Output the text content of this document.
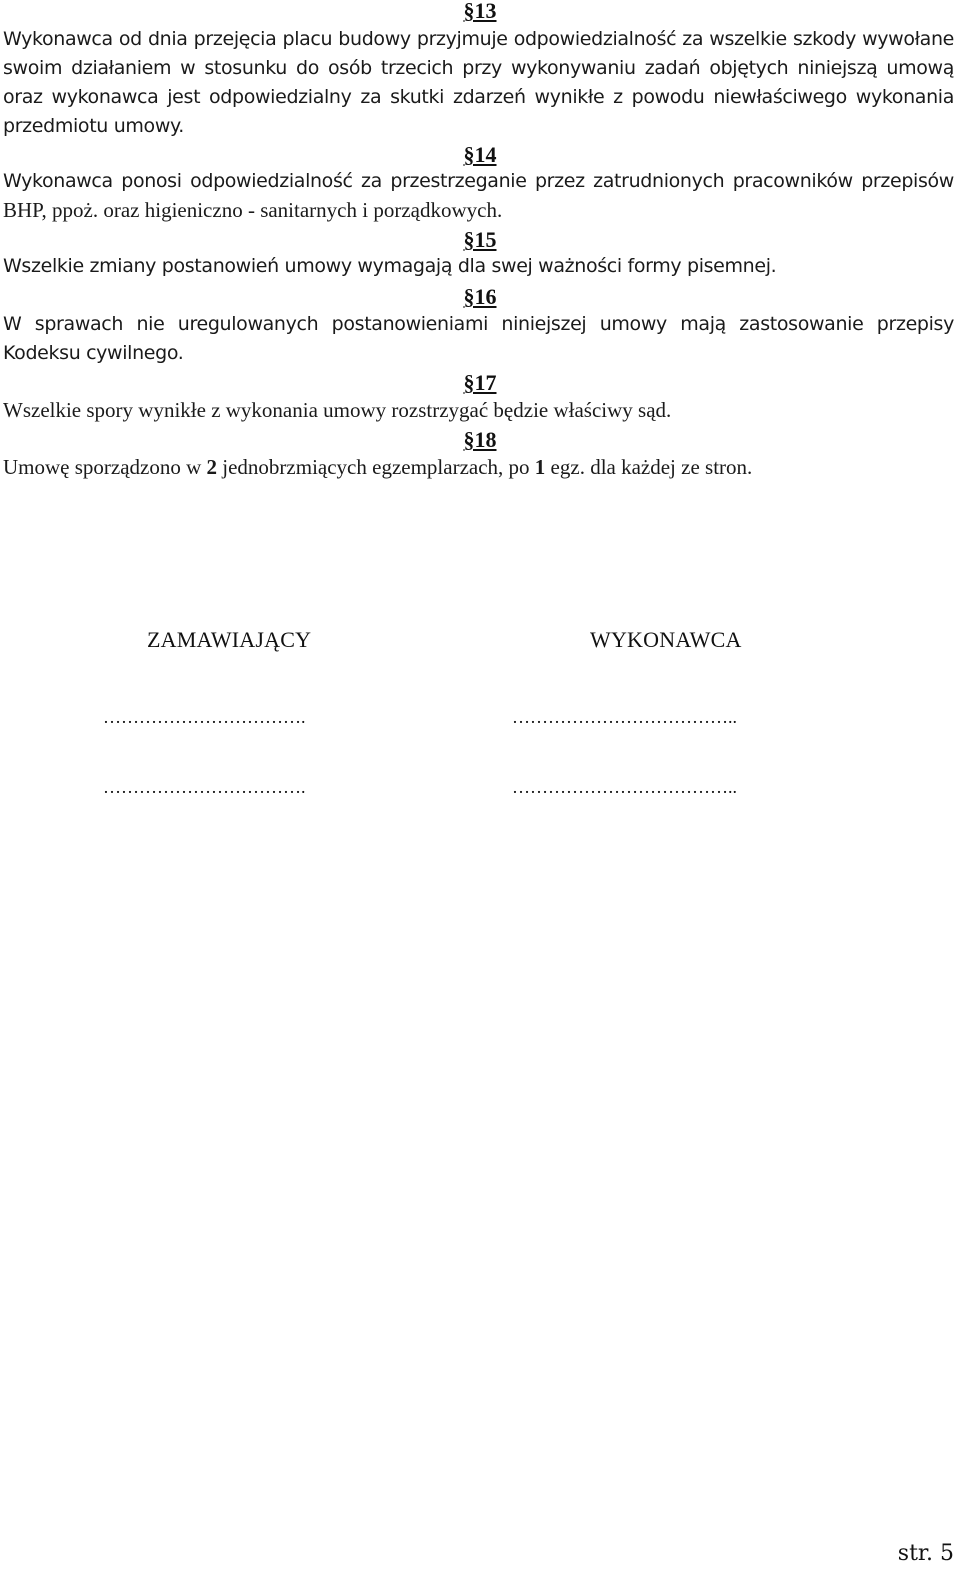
§13
Wykonawca od dnia przejęcia placu budowy przyjmuje odpowiedzialność za wszelkie szkody wywołane swoim działaniem w stosunku do osób trzecich przy wykonywaniu zadań objętych niniejszą umową oraz wykonawca jest odpowiedzialny za skutki zdarzeń wynikłe z powodu niewłaściwego wykonania przedmiotu umowy.
§14
Wykonawca ponosi odpowiedzialność za przestrzeganie przez zatrudnionych pracowników przepisów BHP, ppoż. oraz higieniczno - sanitarnych i porządkowych.
§15
Wszelkie zmiany postanowień umowy wymagają dla swej ważności formy pisemnej.
§16
W sprawach nie uregulowanych postanowieniami niniejszej umowy mają zastosowanie przepisy Kodeksu cywilnego.
§17
Wszelkie spory wynikłe z wykonania umowy rozstrzygać będzie właściwy sąd.
§18
Umowę sporządzono w 2 jednobrzmiących egzemplarzach, po 1 egz. dla każdej ze stron.
ZAMAWIAJĄCY	WYKONAWCA
…………………………….	………………………………..
…………………………….	………………………………..
str. 5
